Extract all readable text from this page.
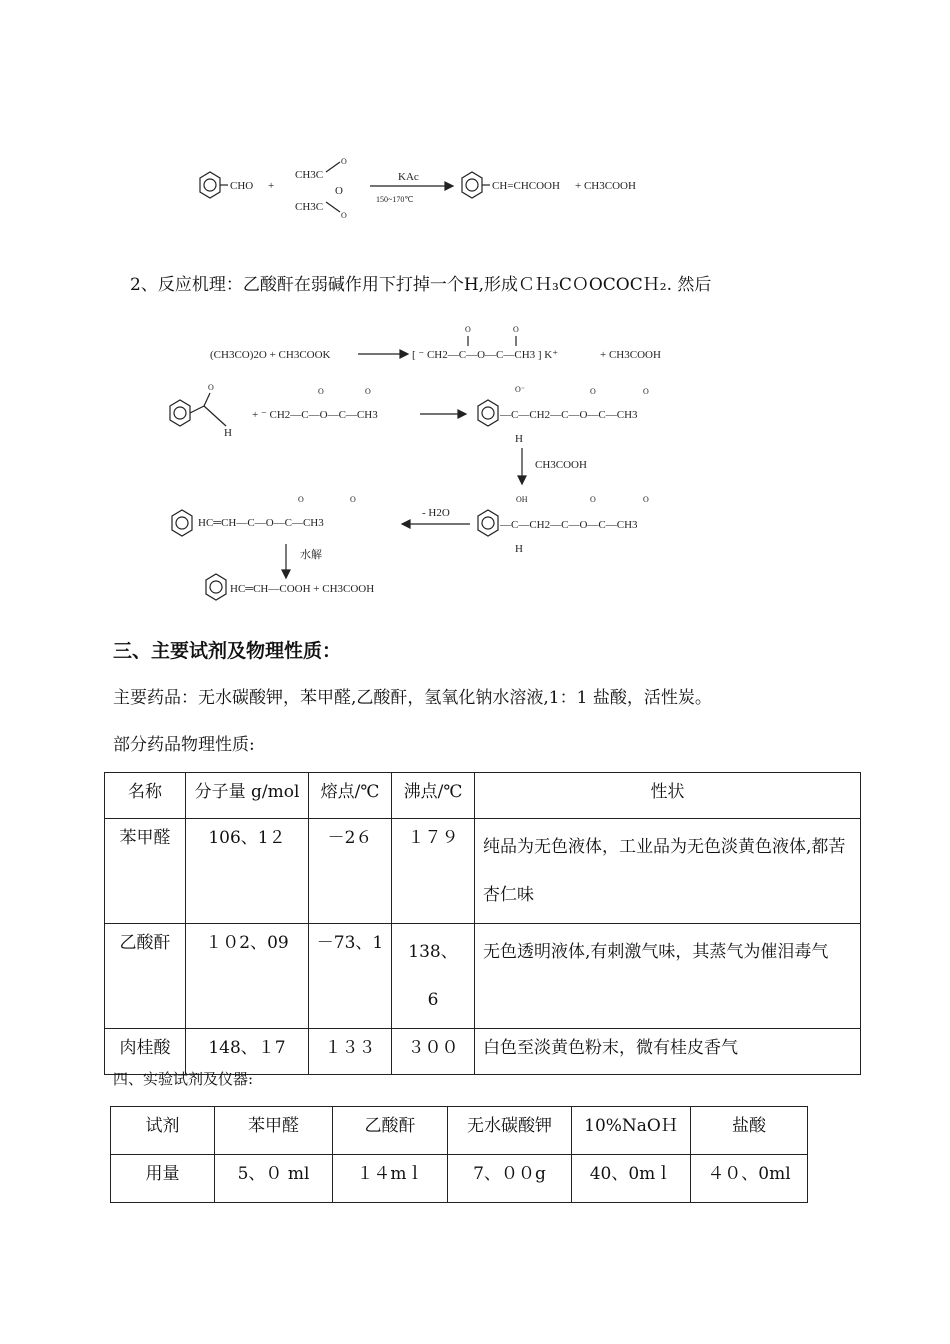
CHO +
CH3C
CH3C
O
O
O
KAc
150~170℃
CH=CHCOOH + CH3COOH
2、反应机理：乙酸酐在弱碱作用下打掉一个H,形成ＣＨ₃CＯOCOCＨ₂. 然后
(CH3CO)2O + CH3COOK	[ ⁻ CH2—C—O—C—CH3 ] K⁺
O	O
+ CH3COOH
O
H
+ ⁻ CH2—C—O—C—CH3
O	O
—C—CH2—C—O—C—CH3
O⁻
H
O	O
CH3COOH
HC═CH—C—O—C—CH3
O	O
- H2O
—C—CH2—C—O—C—CH3
OH
H
O	O
水解
HC═CH—COOH + CH3COOH
三、主要试剂及物理性质：
主要药品：无水碳酸钾，苯甲醛,乙酸酐，氢氧化钠水溶液,1：1 盐酸，活性炭。
部分药品物理性质:
名称	分子量 g/mol	熔点/℃	沸点/℃	性状
苯甲醛	106、1２	－2６	１７９	纯品为无色液体，工业品为无色淡黄色液体,都苦杏仁味
乙酸酐	１０2、09	－73、1	138、6	无色透明液体,有刺激气味，其蒸气为催泪毒气
肉桂酸	148、１7	１３３	３００	白色至淡黄色粉末，微有桂皮香气
四、实验试剂及仪器:
试剂	苯甲醛	乙酸酐	无水碳酸钾	10%NaOＨ	盐酸
用量	5、０ ml	１４mｌ	7、００g	40、0mｌ	４０、0ml
